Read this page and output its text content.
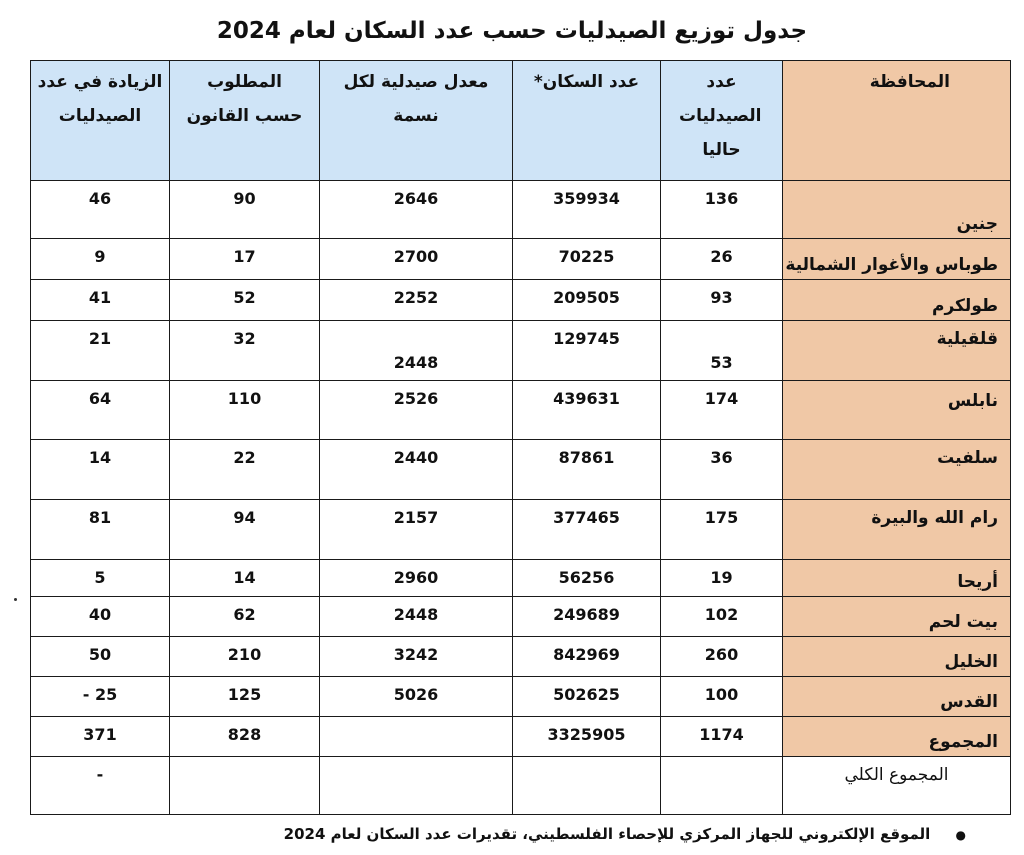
جدول توزيع الصيدليات حسب عدد السكان لعام 2024
المحافظة	عدد الصيدليات حاليا	عدد السكان*	معدل صيدلية لكل نسمة	المطلوب حسب القانون	الزيادة في عدد الصيدليات

جنين	136	359934	2646	90	46
طوباس والأغوار الشمالية	26	70225	2700	17	9
طولكرم	93	209505	2252	52	41
قلقيلية	53	129745	2448	32	21
نابلس	174	439631	2526	110	64
سلفيت	36	87861	2440	22	14
رام الله والبيرة	175	377465	2157	94	81
أريحا	19	56256	2960	14	5
بيت لحم	102	249689	2448	62	40
الخليل	260	842969	3242	210	50
القدس	100	502625	5026	125	- 25
المجموع	1174	3325905		828	371
المجموع الكلي					-
● الموقع الإلكتروني للجهاز المركزي للإحصاء الفلسطيني، تقديرات عدد السكان لعام 2024
